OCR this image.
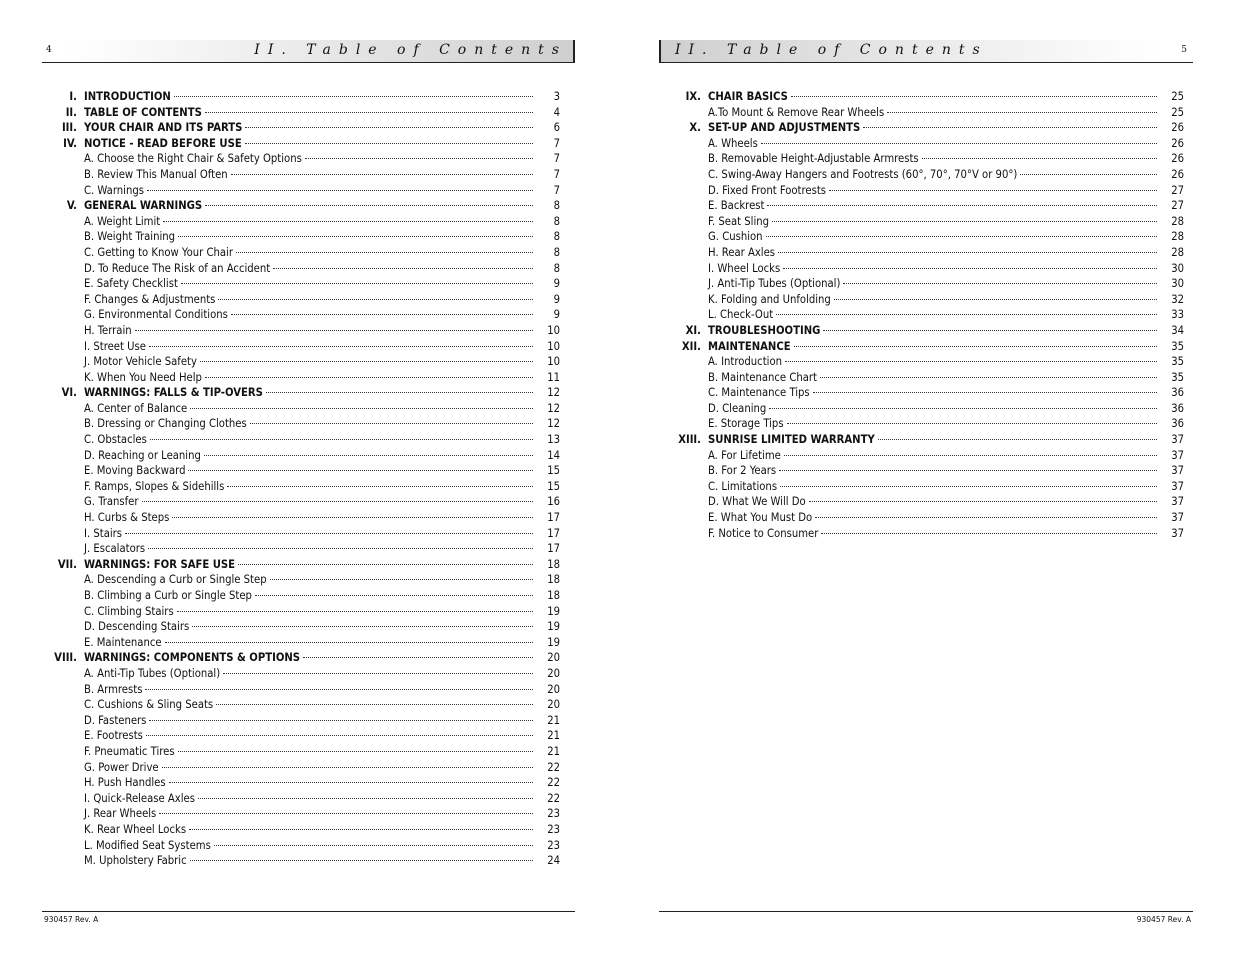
4	II. Table of Contents
I. INTRODUCTION	3
II. TABLE OF CONTENTS	4
III. YOUR CHAIR AND ITS PARTS	6
IV. NOTICE - READ BEFORE USE	7
A. Choose the Right Chair & Safety Options	7
B. Review This Manual Often	7
C. Warnings	7
V. GENERAL WARNINGS	8
A. Weight Limit	8
B. Weight Training	8
C. Getting to Know Your Chair	8
D. To Reduce The Risk of an Accident	8
E. Safety Checklist	9
F. Changes & Adjustments	9
G. Environmental Conditions	9
H. Terrain	10
I. Street Use	10
J. Motor Vehicle Safety	10
K. When You Need Help	11
VI. WARNINGS: FALLS & TIP-OVERS	12
A. Center of Balance	12
B. Dressing or Changing Clothes	12
C. Obstacles	13
D. Reaching or Leaning	14
E. Moving Backward	15
F. Ramps, Slopes & Sidehills	15
G. Transfer	16
H. Curbs & Steps	17
I. Stairs	17
J. Escalators	17
VII. WARNINGS: FOR SAFE USE	18
A. Descending a Curb or Single Step	18
B. Climbing a Curb or Single Step	18
C. Climbing Stairs	19
D. Descending Stairs	19
E. Maintenance	19
VIII. WARNINGS: COMPONENTS & OPTIONS	20
A. Anti-Tip Tubes (Optional)	20
B. Armrests	20
C. Cushions & Sling Seats	20
D. Fasteners	21
E. Footrests	21
F. Pneumatic Tires	21
G. Power Drive	22
H. Push Handles	22
I. Quick-Release Axles	22
J. Rear Wheels	23
K. Rear Wheel Locks	23
L. Modified Seat Systems	23
M. Upholstery Fabric	24
930457 Rev. A
II. Table of Contents	5
IX. CHAIR BASICS	25
A.To Mount & Remove Rear Wheels	25
X. SET-UP AND ADJUSTMENTS	26
A. Wheels	26
B. Removable Height-Adjustable Armrests	26
C. Swing-Away Hangers and Footrests (60°, 70°, 70°V or 90°)	26
D. Fixed Front Footrests	27
E. Backrest	27
F. Seat Sling	28
G. Cushion	28
H. Rear Axles	28
I. Wheel Locks	30
J. Anti-Tip Tubes (Optional)	30
K. Folding and Unfolding	32
L. Check-Out	33
XI. TROUBLESHOOTING	34
XII. MAINTENANCE	35
A. Introduction	35
B. Maintenance Chart	35
C. Maintenance Tips	36
D. Cleaning	36
E. Storage Tips	36
XIII. SUNRISE LIMITED WARRANTY	37
A. For Lifetime	37
B. For 2 Years	37
C. Limitations	37
D. What We Will Do	37
E. What You Must Do	37
F. Notice to Consumer	37
930457 Rev. A
